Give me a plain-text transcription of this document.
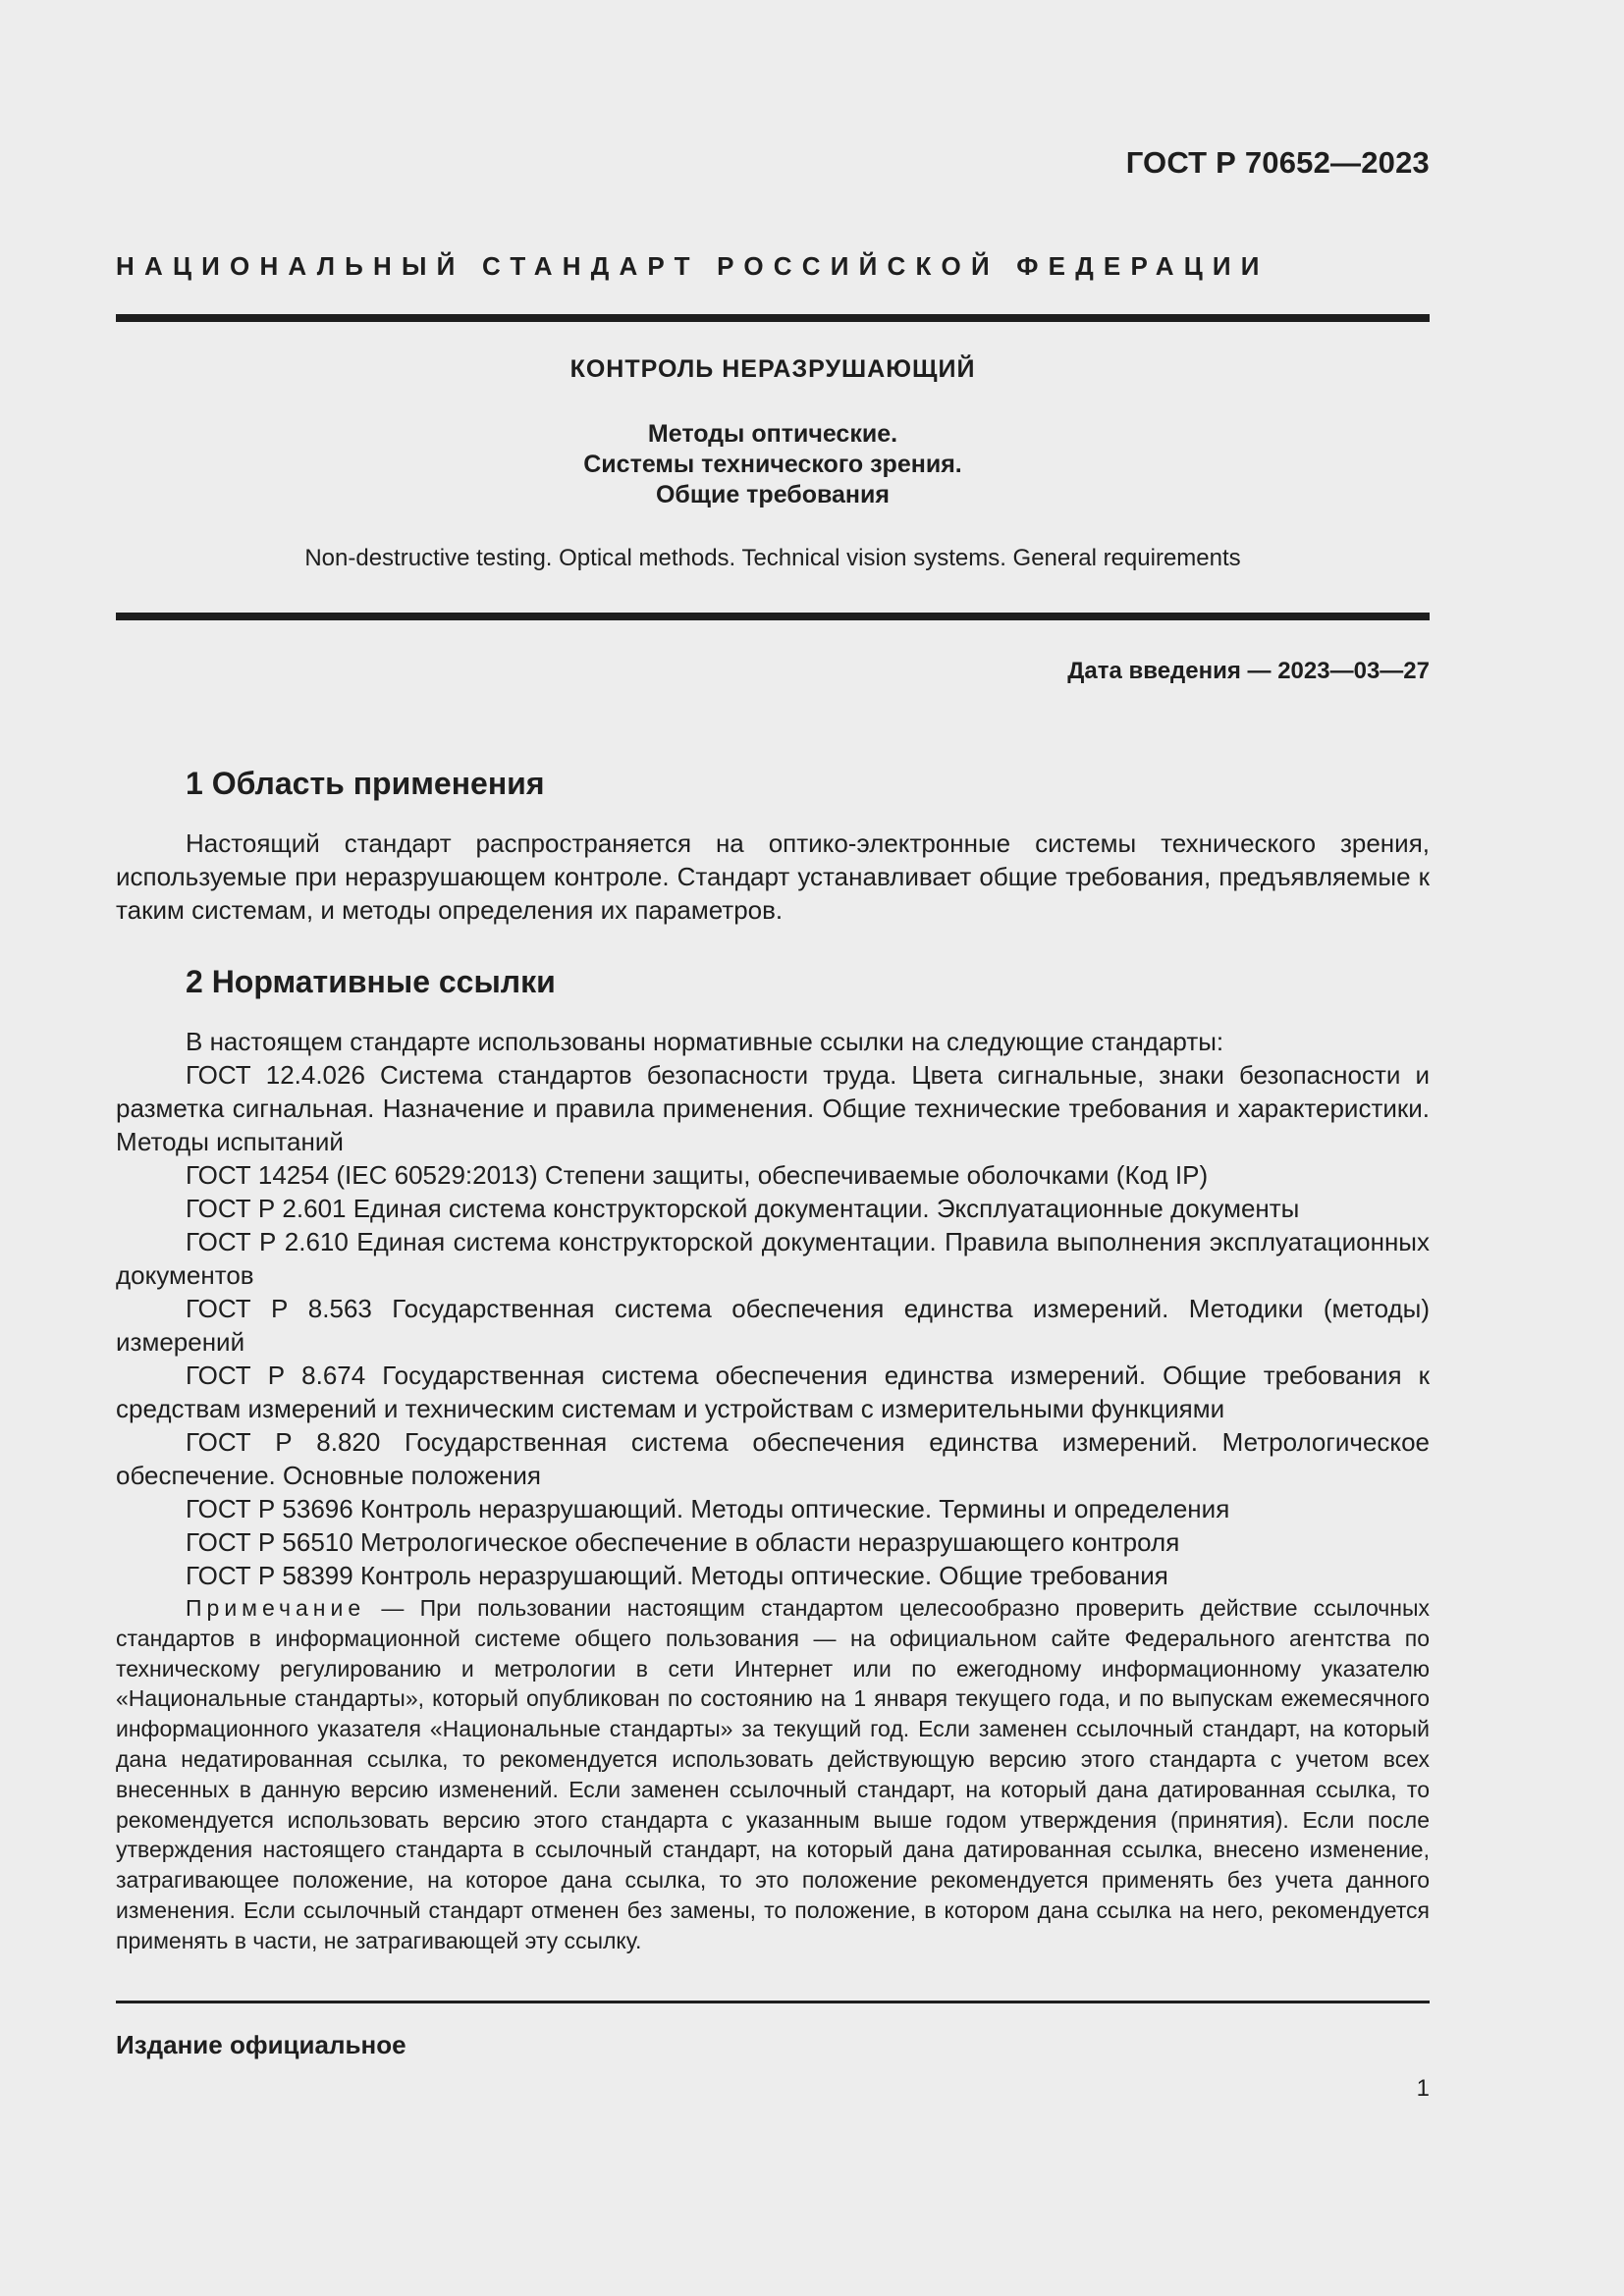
ГОСТ Р 70652—2023
НАЦИОНАЛЬНЫЙ СТАНДАРТ РОССИЙСКОЙ ФЕДЕРАЦИИ
КОНТРОЛЬ НЕРАЗРУШАЮЩИЙ
Методы оптические.
Системы технического зрения.
Общие требования
Non-destructive testing. Optical methods. Technical vision systems. General requirements
Дата введения — 2023—03—27
1 Область применения
Настоящий стандарт распространяется на оптико-электронные системы технического зрения, используемые при неразрушающем контроле. Стандарт устанавливает общие требования, предъявляемые к таким системам, и методы определения их параметров.
2 Нормативные ссылки

В настоящем стандарте использованы нормативные ссылки на следующие стандарты:

ГОСТ 12.4.026 Система стандартов безопасности труда. Цвета сигнальные, знаки безопасности и разметка сигнальная. Назначение и правила применения. Общие технические требования и характеристики. Методы испытаний

ГОСТ 14254 (IEC 60529:2013) Степени защиты, обеспечиваемые оболочками (Код IP)

ГОСТ Р 2.601 Единая система конструкторской документации. Эксплуатационные документы

ГОСТ Р 2.610 Единая система конструкторской документации. Правила выполнения эксплуатационных документов

ГОСТ Р 8.563 Государственная система обеспечения единства измерений. Методики (методы) измерений

ГОСТ Р 8.674 Государственная система обеспечения единства измерений. Общие требования к средствам измерений и техническим системам и устройствам с измерительными функциями

ГОСТ Р 8.820 Государственная система обеспечения единства измерений. Метрологическое обеспечение. Основные положения

ГОСТ Р 53696 Контроль неразрушающий. Методы оптические. Термины и определения

ГОСТ Р 56510 Метрологическое обеспечение в области неразрушающего контроля

ГОСТ Р 58399 Контроль неразрушающий. Методы оптические. Общие требования

Примечание — При пользовании настоящим стандартом целесообразно проверить действие ссылочных стандартов в информационной системе общего пользования — на официальном сайте Федерального агентства по техническому регулированию и метрологии в сети Интернет или по ежегодному информационному указателю «Национальные стандарты», который опубликован по состоянию на 1 января текущего года, и по выпускам ежемесячного информационного указателя «Национальные стандарты» за текущий год. Если заменен ссылочный стандарт, на который дана недатированная ссылка, то рекомендуется использовать действующую версию этого стандарта с учетом всех внесенных в данную версию изменений. Если заменен ссылочный стандарт, на который дана датированная ссылка, то рекомендуется использовать версию этого стандарта с указанным выше годом утверждения (принятия). Если после утверждения настоящего стандарта в ссылочный стандарт, на который дана датированная ссылка, внесено изменение, затрагивающее положение, на которое дана ссылка, то это положение рекомендуется применять без учета данного изменения. Если ссылочный стандарт отменен без замены, то положение, в котором дана ссылка на него, рекомендуется применять в части, не затрагивающей эту ссылку.
Издание официальное
1
